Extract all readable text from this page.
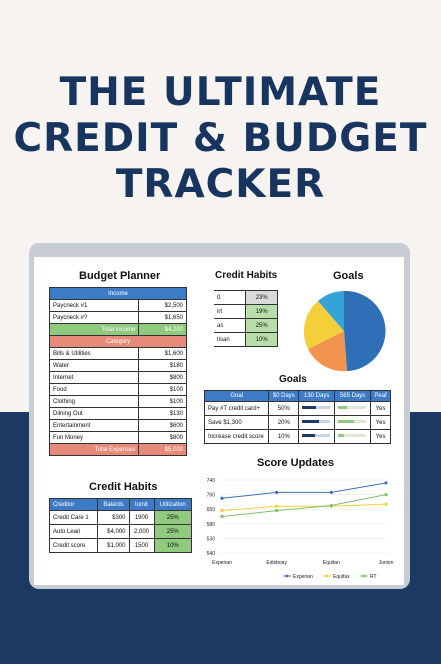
THE ULTIMATE
CREDIT & BUDGET
TRACKER
Budget Planner
Income	
Paycneck #1	$2,500
Paycneck #?	$1,650
Total Income	$4,200
Category	
Bills & Utilities	$1,600
Water	$180
Internet	$800
Food	$100
Clothing	$100
Dilning Out	$130
Entertainment	$600
Fun Money	$800
Total Expenses	$5,000
Credit Habits
ß	23%
irt	19%
as	25%
tisan	10%
Goals
Goals
Goal	$0 Days	130 Days	565 Days	Peaf
Pay #T credit card+	50%			Yes
Save $1,300	20%			Yes
Increase credit score	10%			Yes
Credit Habits
Creditor	Balards	lumit	Utilization
Credit Care 1	$300	1900	25%
Auto Leari	$4,000	2,000	25%
Credit score	$1,000	1500	10%
Score Updates
740
760
650
580
530
540
Experian	Edisboay	Equitan	Junion
Experian	Equifax	RT
